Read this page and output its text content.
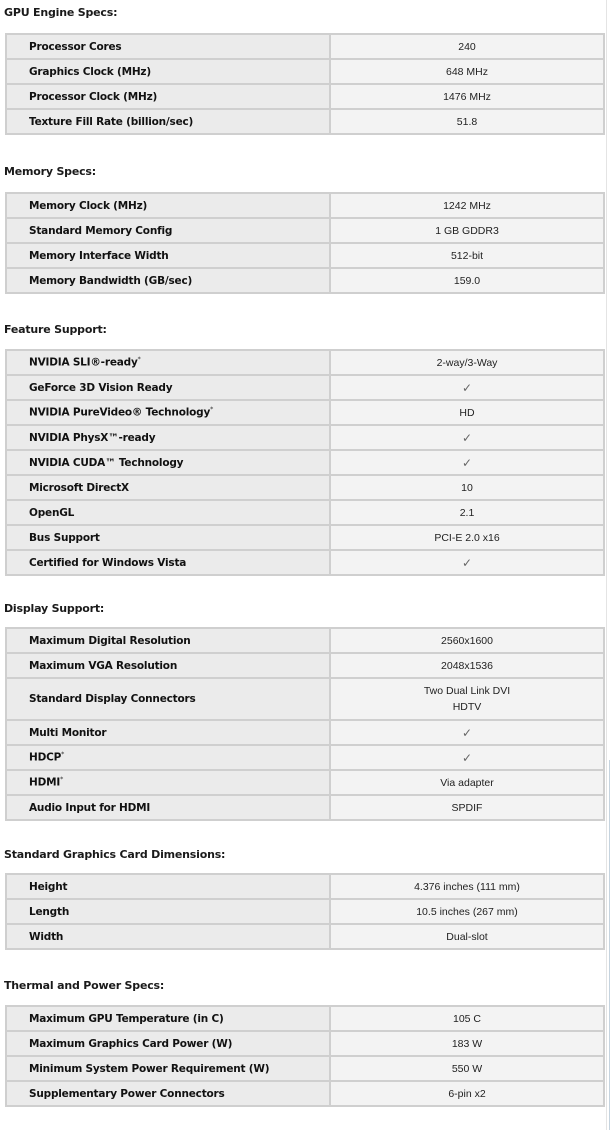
GPU Engine Specs:
Processor Cores	240
Graphics Clock (MHz)	648 MHz
Processor Clock (MHz)	1476 MHz
Texture Fill Rate (billion/sec)	51.8
Memory Specs:
Memory Clock (MHz)	1242 MHz
Standard Memory Config	1 GB GDDR3
Memory Interface Width	512-bit
Memory Bandwidth (GB/sec)	159.0
Feature Support:
NVIDIA SLI®-ready*	2-way/3-Way
GeForce 3D Vision Ready	✓
NVIDIA PureVideo® Technology*	HD
NVIDIA PhysX™-ready	✓
NVIDIA CUDA™ Technology	✓
Microsoft DirectX	10
OpenGL	2.1
Bus Support	PCI-E 2.0 x16
Certified for Windows Vista	✓
Display Support:
Maximum Digital Resolution	2560x1600
Maximum VGA Resolution	2048x1536
Standard Display Connectors	Two Dual Link DVI
HDTV
Multi Monitor	✓
HDCP*	✓
HDMI*	Via adapter
Audio Input for HDMI	SPDIF
Standard Graphics Card Dimensions:
Height	4.376 inches (111 mm)
Length	10.5 inches (267 mm)
Width	Dual-slot
Thermal and Power Specs:
Maximum GPU Temperature (in C)	105 C
Maximum Graphics Card Power (W)	183 W
Minimum System Power Requirement (W)	550 W
Supplementary Power Connectors	6-pin x2
